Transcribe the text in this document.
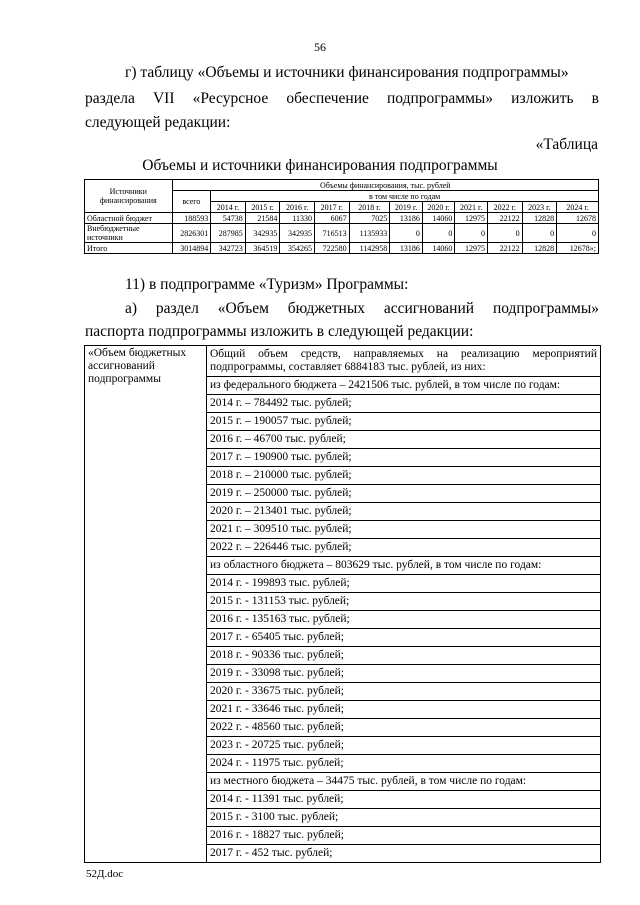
56
г) таблицу «Объемы и источники финансирования подпрограммы»
раздела VII «Ресурсное обеспечение подпрограммы» изложить в
следующей редакции:
«Таблица
Объемы и источники финансирования подпрограммы
Источники финансирования	Объемы финансирования, тыс. рублей											
	всего	в том числе по годам										
		2014 г.	2015 г.	2016 г.	2017 г.	2018 г.	2019 г.	2020 г.	2021 г.	2022 г.	2023 г.	2024 г.
Областной бюджет	188593	54738	21584	11330	6067	7025	13186	14060	12975	22122	12828	12678
Внебюджетные источники	2826301	287985	342935	342935	716513	1135933	0	0	0	0	0	0
Итого	3014894	342723	364519	354265	722580	1142958	13186	14060	12975	22122	12828	12678»;
11) в подпрограмме «Туризм» Программы:
а) раздел «Объем бюджетных ассигнований подпрограммы»
паспорта подпрограммы изложить в следующей редакции:
«Объем бюджетных ассигнований подпрограммы

Общий объем средств, направляемых на реализацию мероприятий подпрограммы, составляет 6884183 тыс. рублей, из них:
из федерального бюджета – 2421506 тыс. рублей, в том числе по годам:
2014 г. – 784492 тыс. рублей;
2015 г. – 190057 тыс. рублей;
2016 г. – 46700 тыс. рублей;
2017 г. – 190900 тыс. рублей;
2018 г. – 210000 тыс. рублей;
2019 г. – 250000 тыс. рублей;
2020 г. – 213401 тыс. рублей;
2021 г. – 309510 тыс. рублей;
2022 г. – 226446 тыс. рублей;
из областного бюджета – 803629 тыс. рублей, в том числе по годам:
2014 г. - 199893 тыс. рублей;
2015 г. - 131153 тыс. рублей;
2016 г. - 135163 тыс. рублей;
2017 г. - 65405 тыс. рублей;
2018 г. - 90336 тыс. рублей;
2019 г. - 33098 тыс. рублей;
2020 г. - 33675 тыс. рублей;
2021 г. - 33646 тыс. рублей;
2022 г. - 48560 тыс. рублей;
2023 г. - 20725 тыс. рублей;
2024 г. - 11975 тыс. рублей;
из местного бюджета – 34475 тыс. рублей, в том числе по годам:
2014 г. - 11391 тыс. рублей;
2015 г. - 3100 тыс. рублей;
2016 г. - 18827 тыс. рублей;
2017 г. - 452 тыс. рублей;
52Д.doc
